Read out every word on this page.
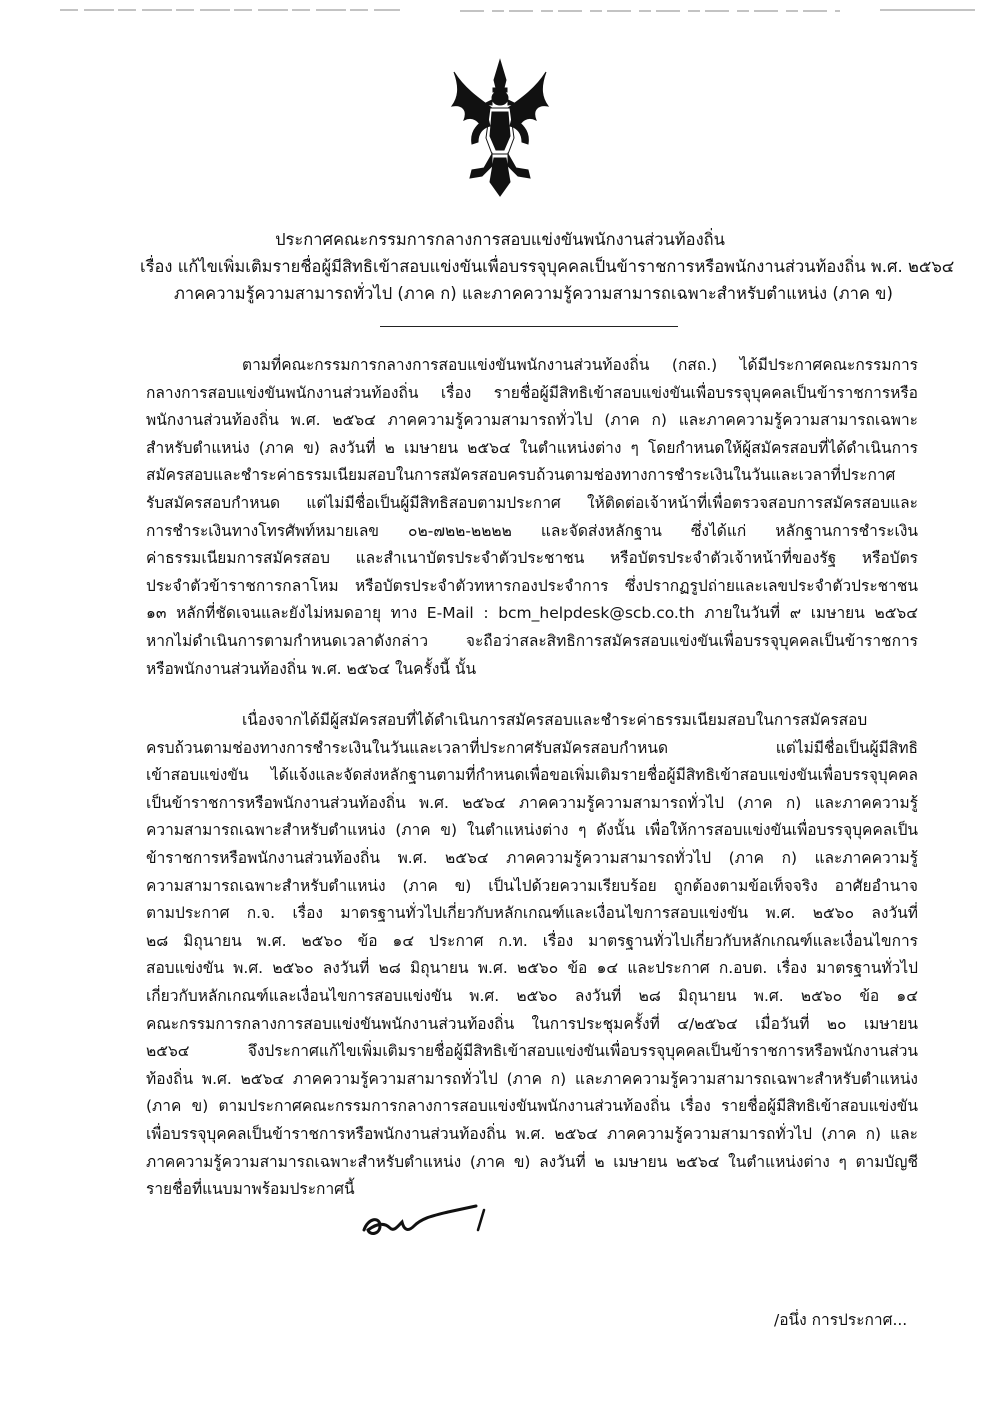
ประกาศคณะกรรมการกลางการสอบแข่งขันพนักงานส่วนท้องถิ่น
เรื่อง แก้ไขเพิ่มเติมรายชื่อผู้มีสิทธิเข้าสอบแข่งขันเพื่อบรรจุบุคคลเป็นข้าราชการหรือพนักงานส่วนท้องถิ่น พ.ศ. ๒๕๖๔
ภาคความรู้ความสามารถทั่วไป (ภาค ก) และภาคความรู้ความสามารถเฉพาะสำหรับตำแหน่ง (ภาค ข)
ตามที่คณะกรรมการกลางการสอบแข่งขันพนักงานส่วนท้องถิ่น (กสถ.) ได้มีประกาศคณะกรรมการ
กลางการสอบแข่งขันพนักงานส่วนท้องถิ่น เรื่อง รายชื่อผู้มีสิทธิเข้าสอบแข่งขันเพื่อบรรจุบุคคลเป็นข้าราชการหรือ
พนักงานส่วนท้องถิ่น พ.ศ. ๒๕๖๔ ภาคความรู้ความสามารถทั่วไป (ภาค ก) และภาคความรู้ความสามารถเฉพาะ
สำหรับตำแหน่ง (ภาค ข) ลงวันที่ ๒ เมษายน ๒๕๖๔ ในตำแหน่งต่าง ๆ โดยกำหนดให้ผู้สมัครสอบที่ได้ดำเนินการ
สมัครสอบและชำระค่าธรรมเนียมสอบในการสมัครสอบครบถ้วนตามช่องทางการชำระเงินในวันและเวลาที่ประกาศ
รับสมัครสอบกำหนด แต่ไม่มีชื่อเป็นผู้มีสิทธิสอบตามประกาศ ให้ติดต่อเจ้าหน้าที่เพื่อตรวจสอบการสมัครสอบและ
การชำระเงินทางโทรศัพท์หมายเลข ๐๒-๗๒๒-๒๒๒๒ และจัดส่งหลักฐาน ซึ่งได้แก่ หลักฐานการชำระเงิน
ค่าธรรมเนียมการสมัครสอบ และสำเนาบัตรประจำตัวประชาชน หรือบัตรประจำตัวเจ้าหน้าที่ของรัฐ หรือบัตร
ประจำตัวข้าราชการกลาโหม หรือบัตรประจำตัวทหารกองประจำการ ซึ่งปรากฏรูปถ่ายและเลขประจำตัวประชาชน
๑๓ หลักที่ชัดเจนและยังไม่หมดอายุ ทาง E-Mail : bcm_helpdesk@scb.co.th ภายในวันที่ ๙ เมษายน ๒๕๖๔
หากไม่ดำเนินการตามกำหนดเวลาดังกล่าว จะถือว่าสละสิทธิการสมัครสอบแข่งขันเพื่อบรรจุบุคคลเป็นข้าราชการ
หรือพนักงานส่วนท้องถิ่น พ.ศ. ๒๕๖๔ ในครั้งนี้ นั้น
เนื่องจากได้มีผู้สมัครสอบที่ได้ดำเนินการสมัครสอบและชำระค่าธรรมเนียมสอบในการสมัครสอบ
ครบถ้วนตามช่องทางการชำระเงินในวันและเวลาที่ประกาศรับสมัครสอบกำหนด แต่ไม่มีชื่อเป็นผู้มีสิทธิ
เข้าสอบแข่งขัน ได้แจ้งและจัดส่งหลักฐานตามที่กำหนดเพื่อขอเพิ่มเติมรายชื่อผู้มีสิทธิเข้าสอบแข่งขันเพื่อบรรจุบุคคล
เป็นข้าราชการหรือพนักงานส่วนท้องถิ่น พ.ศ. ๒๕๖๔ ภาคความรู้ความสามารถทั่วไป (ภาค ก) และภาคความรู้
ความสามารถเฉพาะสำหรับตำแหน่ง (ภาค ข) ในตำแหน่งต่าง ๆ ดังนั้น เพื่อให้การสอบแข่งขันเพื่อบรรจุบุคคลเป็น
ข้าราชการหรือพนักงานส่วนท้องถิ่น พ.ศ. ๒๕๖๔ ภาคความรู้ความสามารถทั่วไป (ภาค ก) และภาคความรู้
ความสามารถเฉพาะสำหรับตำแหน่ง (ภาค ข) เป็นไปด้วยความเรียบร้อย ถูกต้องตามข้อเท็จจริง อาศัยอำนาจ
ตามประกาศ ก.จ. เรื่อง มาตรฐานทั่วไปเกี่ยวกับหลักเกณฑ์และเงื่อนไขการสอบแข่งขัน พ.ศ. ๒๕๖๐ ลงวันที่
๒๘ มิถุนายน พ.ศ. ๒๕๖๐ ข้อ ๑๔ ประกาศ ก.ท. เรื่อง มาตรฐานทั่วไปเกี่ยวกับหลักเกณฑ์และเงื่อนไขการ
สอบแข่งขัน พ.ศ. ๒๕๖๐ ลงวันที่ ๒๘ มิถุนายน พ.ศ. ๒๕๖๐ ข้อ ๑๔ และประกาศ ก.อบต. เรื่อง มาตรฐานทั่วไป
เกี่ยวกับหลักเกณฑ์และเงื่อนไขการสอบแข่งขัน พ.ศ. ๒๕๖๐ ลงวันที่ ๒๘ มิถุนายน พ.ศ. ๒๕๖๐ ข้อ ๑๔
คณะกรรมการกลางการสอบแข่งขันพนักงานส่วนท้องถิ่น ในการประชุมครั้งที่ ๔/๒๕๖๔ เมื่อวันที่ ๒๐ เมษายน
๒๕๖๔ จึงประกาศแก้ไขเพิ่มเติมรายชื่อผู้มีสิทธิเข้าสอบแข่งขันเพื่อบรรจุบุคคลเป็นข้าราชการหรือพนักงานส่วน
ท้องถิ่น พ.ศ. ๒๕๖๔ ภาคความรู้ความสามารถทั่วไป (ภาค ก) และภาคความรู้ความสามารถเฉพาะสำหรับตำแหน่ง
(ภาค ข) ตามประกาศคณะกรรมการกลางการสอบแข่งขันพนักงานส่วนท้องถิ่น เรื่อง รายชื่อผู้มีสิทธิเข้าสอบแข่งขัน
เพื่อบรรจุบุคคลเป็นข้าราชการหรือพนักงานส่วนท้องถิ่น พ.ศ. ๒๕๖๔ ภาคความรู้ความสามารถทั่วไป (ภาค ก) และ
ภาคความรู้ความสามารถเฉพาะสำหรับตำแหน่ง (ภาค ข) ลงวันที่ ๒ เมษายน ๒๕๖๔ ในตำแหน่งต่าง ๆ ตามบัญชี
รายชื่อที่แนบมาพร้อมประกาศนี้
/อนึ่ง การประกาศ...
